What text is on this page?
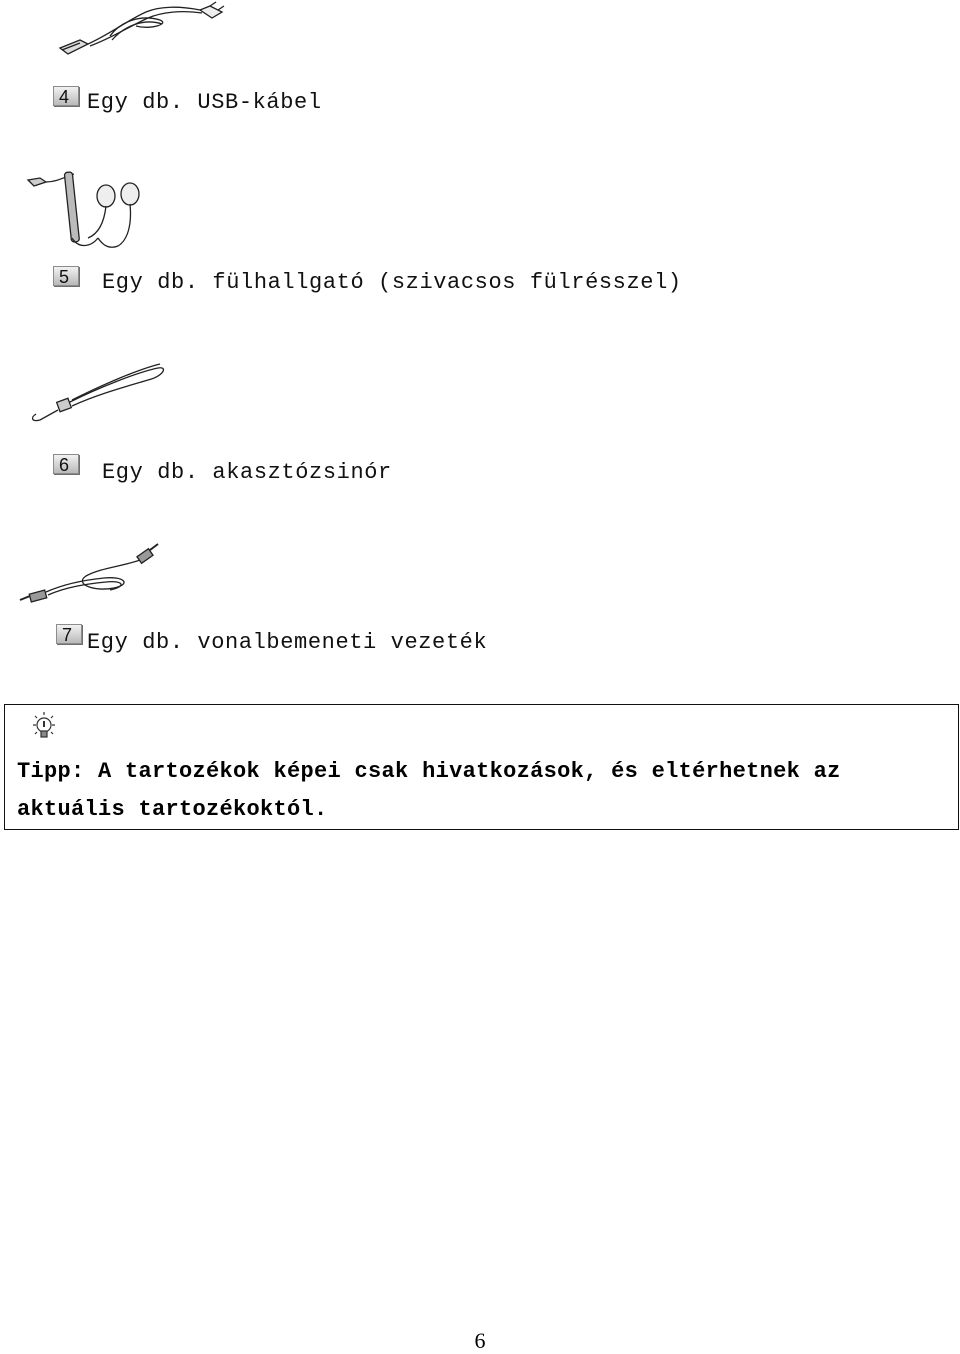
4 Egy db. USB-kábel
5	Egy db. fülhallgató (szivacsos fülrésszel)
6	Egy db. akasztózsinór
7 Egy db. vonalbemeneti vezeték
Tipp: A tartozékok képei csak hivatkozások, és eltérhetnek az aktuális tartozékoktól.
6
